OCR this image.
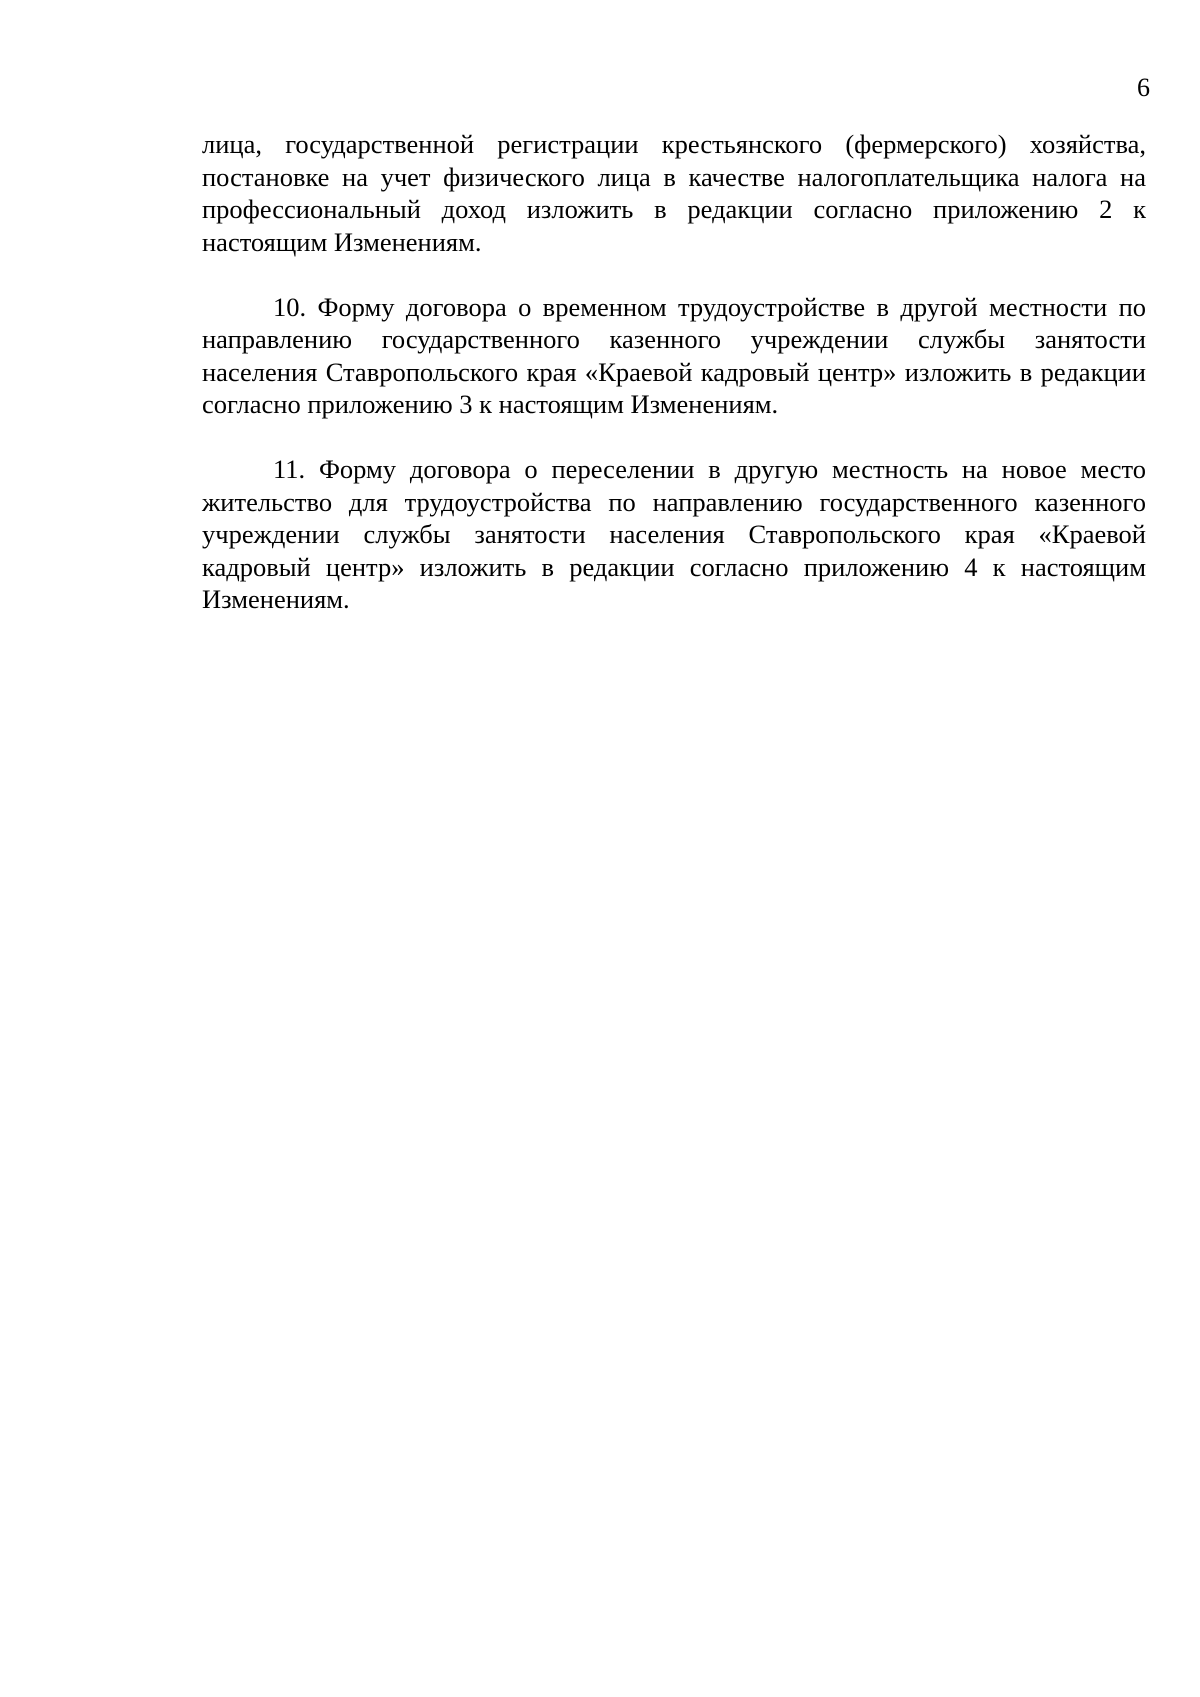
6

лица, государственной регистрации крестьянского (фермерского) хозяйства, постановке на учет физического лица в качестве налогоплательщика налога на профессиональный доход изложить в редакции согласно приложению 2 к настоящим Изменениям.

10. Форму договора о временном трудоустройстве в другой местности по направлению государственного казенного учреждении службы занятости населения Ставропольского края «Краевой кадровый центр» изложить в редакции согласно приложению 3 к настоящим Изменениям.

11. Форму договора о переселении в другую местность на новое место жительство для трудоустройства по направлению государственного казенного учреждении службы занятости населения Ставропольского края «Краевой кадровый центр» изложить в редакции согласно приложению 4 к настоящим Изменениям.
